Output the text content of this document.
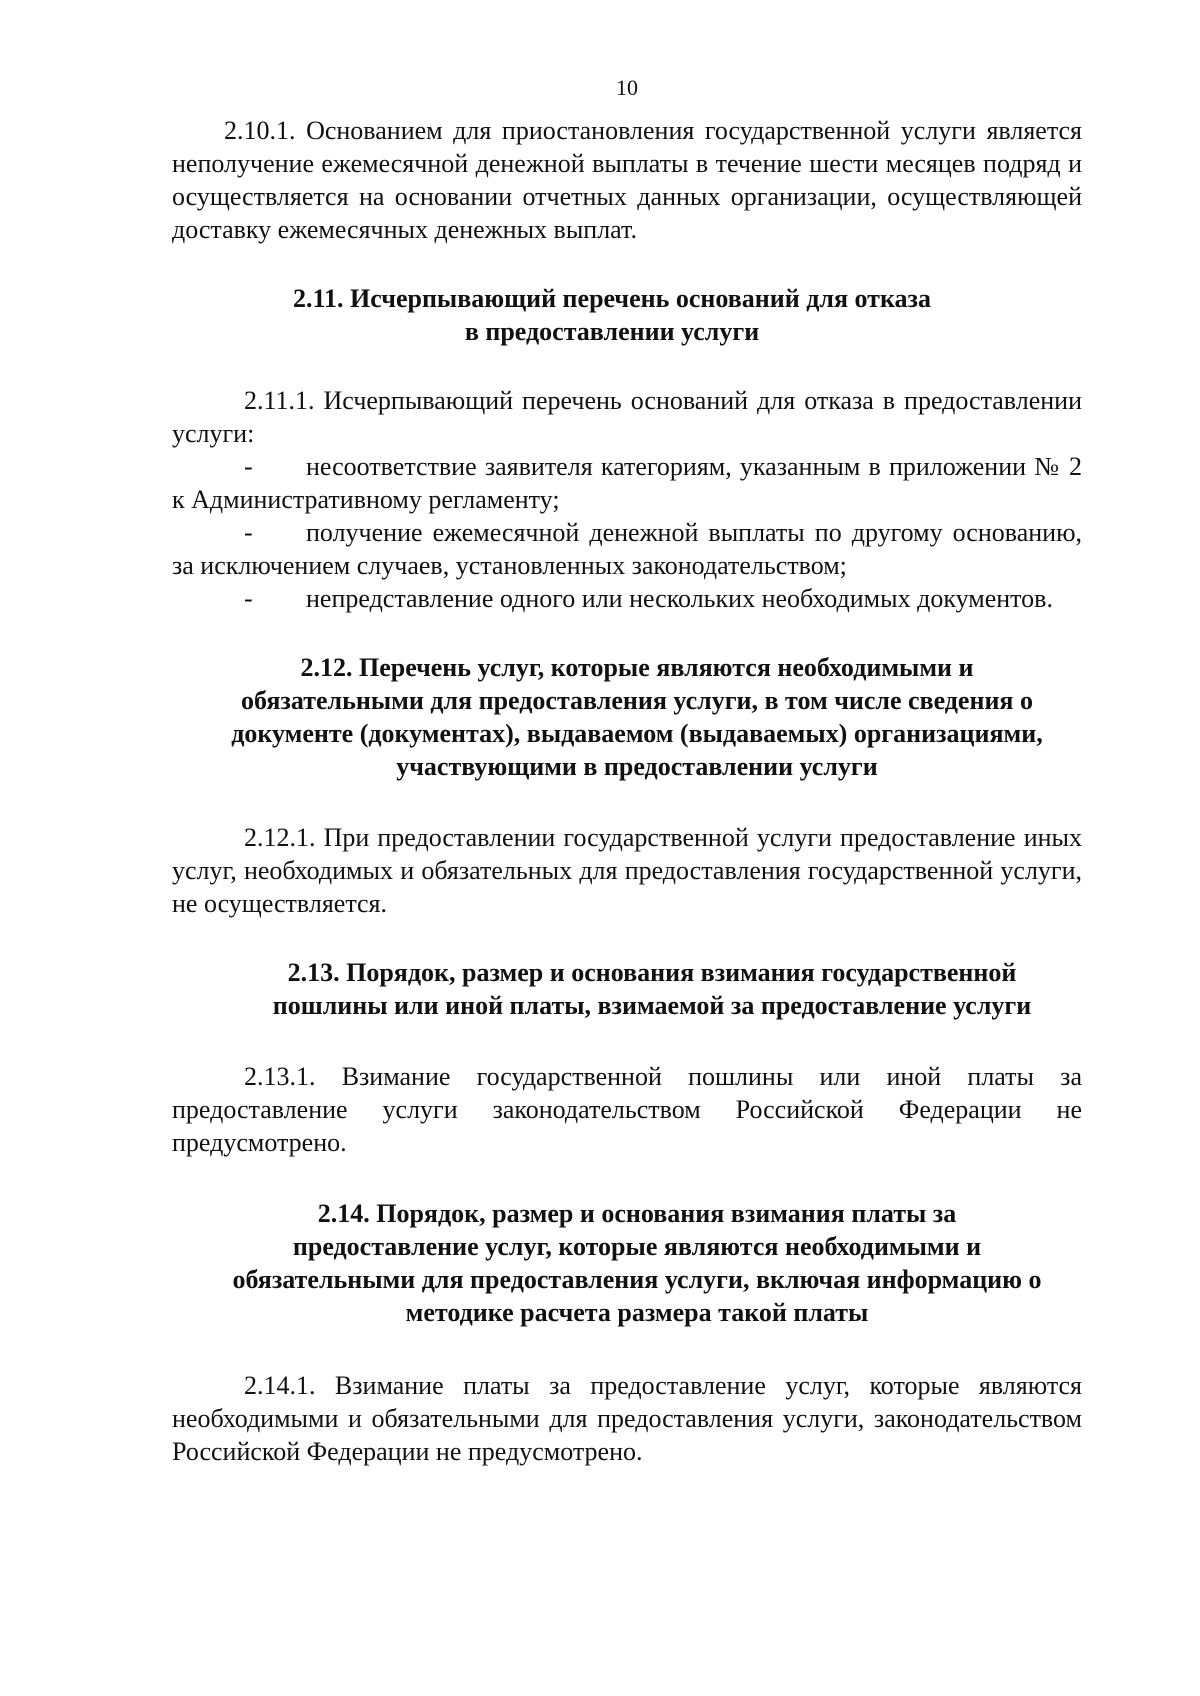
10

2.10.1. Основанием для приостановления государственной услуги является неполучение ежемесячной денежной выплаты в течение шести месяцев подряд и осуществляется на основании отчетных данных организации, осуществляющей доставку ежемесячных денежных выплат.

2.11. Исчерпывающий перечень оснований для отказа
в предоставлении услуги

2.11.1. Исчерпывающий перечень оснований для отказа в предоставлении услуги:

- несоответствие заявителя категориям, указанным в приложении № 2 к Административному регламенту;

- получение ежемесячной денежной выплаты по другому основанию, за исключением случаев, установленных законодательством;

- непредставление одного или нескольких необходимых документов.

2.12. Перечень услуг, которые являются необходимыми и
обязательными для предоставления услуги, в том числе сведения о
документе (документах), выдаваемом (выдаваемых) организациями,
участвующими в предоставлении услуги

2.12.1. При предоставлении государственной услуги предоставление иных услуг, необходимых и обязательных для предоставления государственной услуги, не осуществляется.

2.13. Порядок, размер и основания взимания государственной
пошлины или иной платы, взимаемой за предоставление услуги

2.13.1. Взимание государственной пошлины или иной платы за предоставление услуги законодательством Российской Федерации не предусмотрено.

2.14. Порядок, размер и основания взимания платы за
предоставление услуг, которые являются необходимыми и
обязательными для предоставления услуги, включая информацию о
методике расчета размера такой платы

2.14.1. Взимание платы за предоставление услуг, которые являются необходимыми и обязательными для предоставления услуги, законодательством Российской Федерации не предусмотрено.
